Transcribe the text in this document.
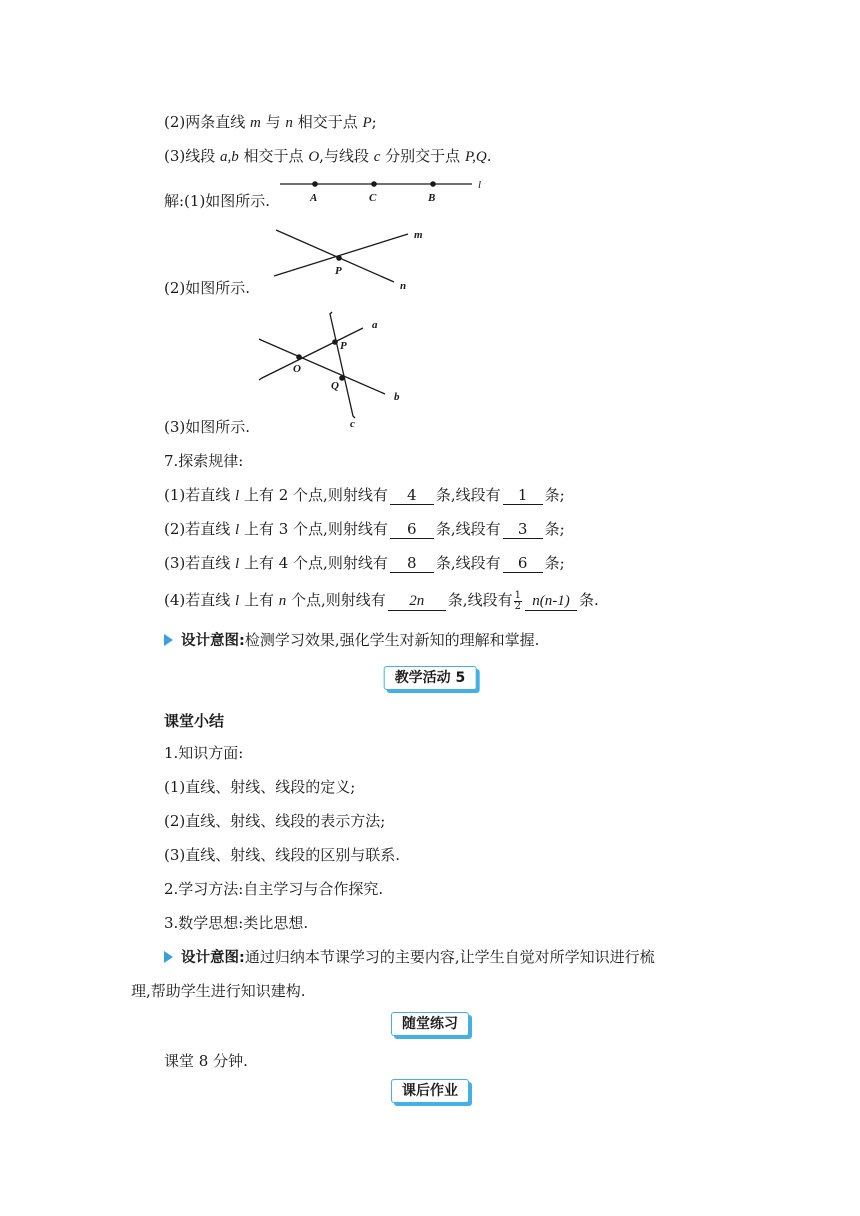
(2)两条直线 m 与 n 相交于点 P;
(3)线段 a,b 相交于点 O,与线段 c 分别交于点 P,Q.
解:(1)如图所示.	A	C	B
l
(2)如图所示.
m
n
P
(3)如图所示.
a
b
c
O
P
Q
7.探索规律:
(1)若直线 l 上有 2 个点,则射线有 4 条,线段有 1 条;
(2)若直线 l 上有 3 个点,则射线有 6 条,线段有 3 条;
(3)若直线 l 上有 4 个点,则射线有 8 条,线段有 6 条;
(4)若直线 l 上有 n 个点,则射线有 2n 条,线段有 $\frac{1}{2} n(n-1)$ 条.
设计意图:检测学习效果,强化学生对新知的理解和掌握.
教学活动 5
课堂小结
1.知识方面:
(1)直线、射线、线段的定义;
(2)直线、射线、线段的表示方法;
(3)直线、射线、线段的区别与联系.
2.学习方法:自主学习与合作探究.
3.数学思想:类比思想.
设计意图:通过归纳本节课学习的主要内容,让学生自觉对所学知识进行梳
理,帮助学生进行知识建构.
随堂练习
课堂 8 分钟.
课后作业
